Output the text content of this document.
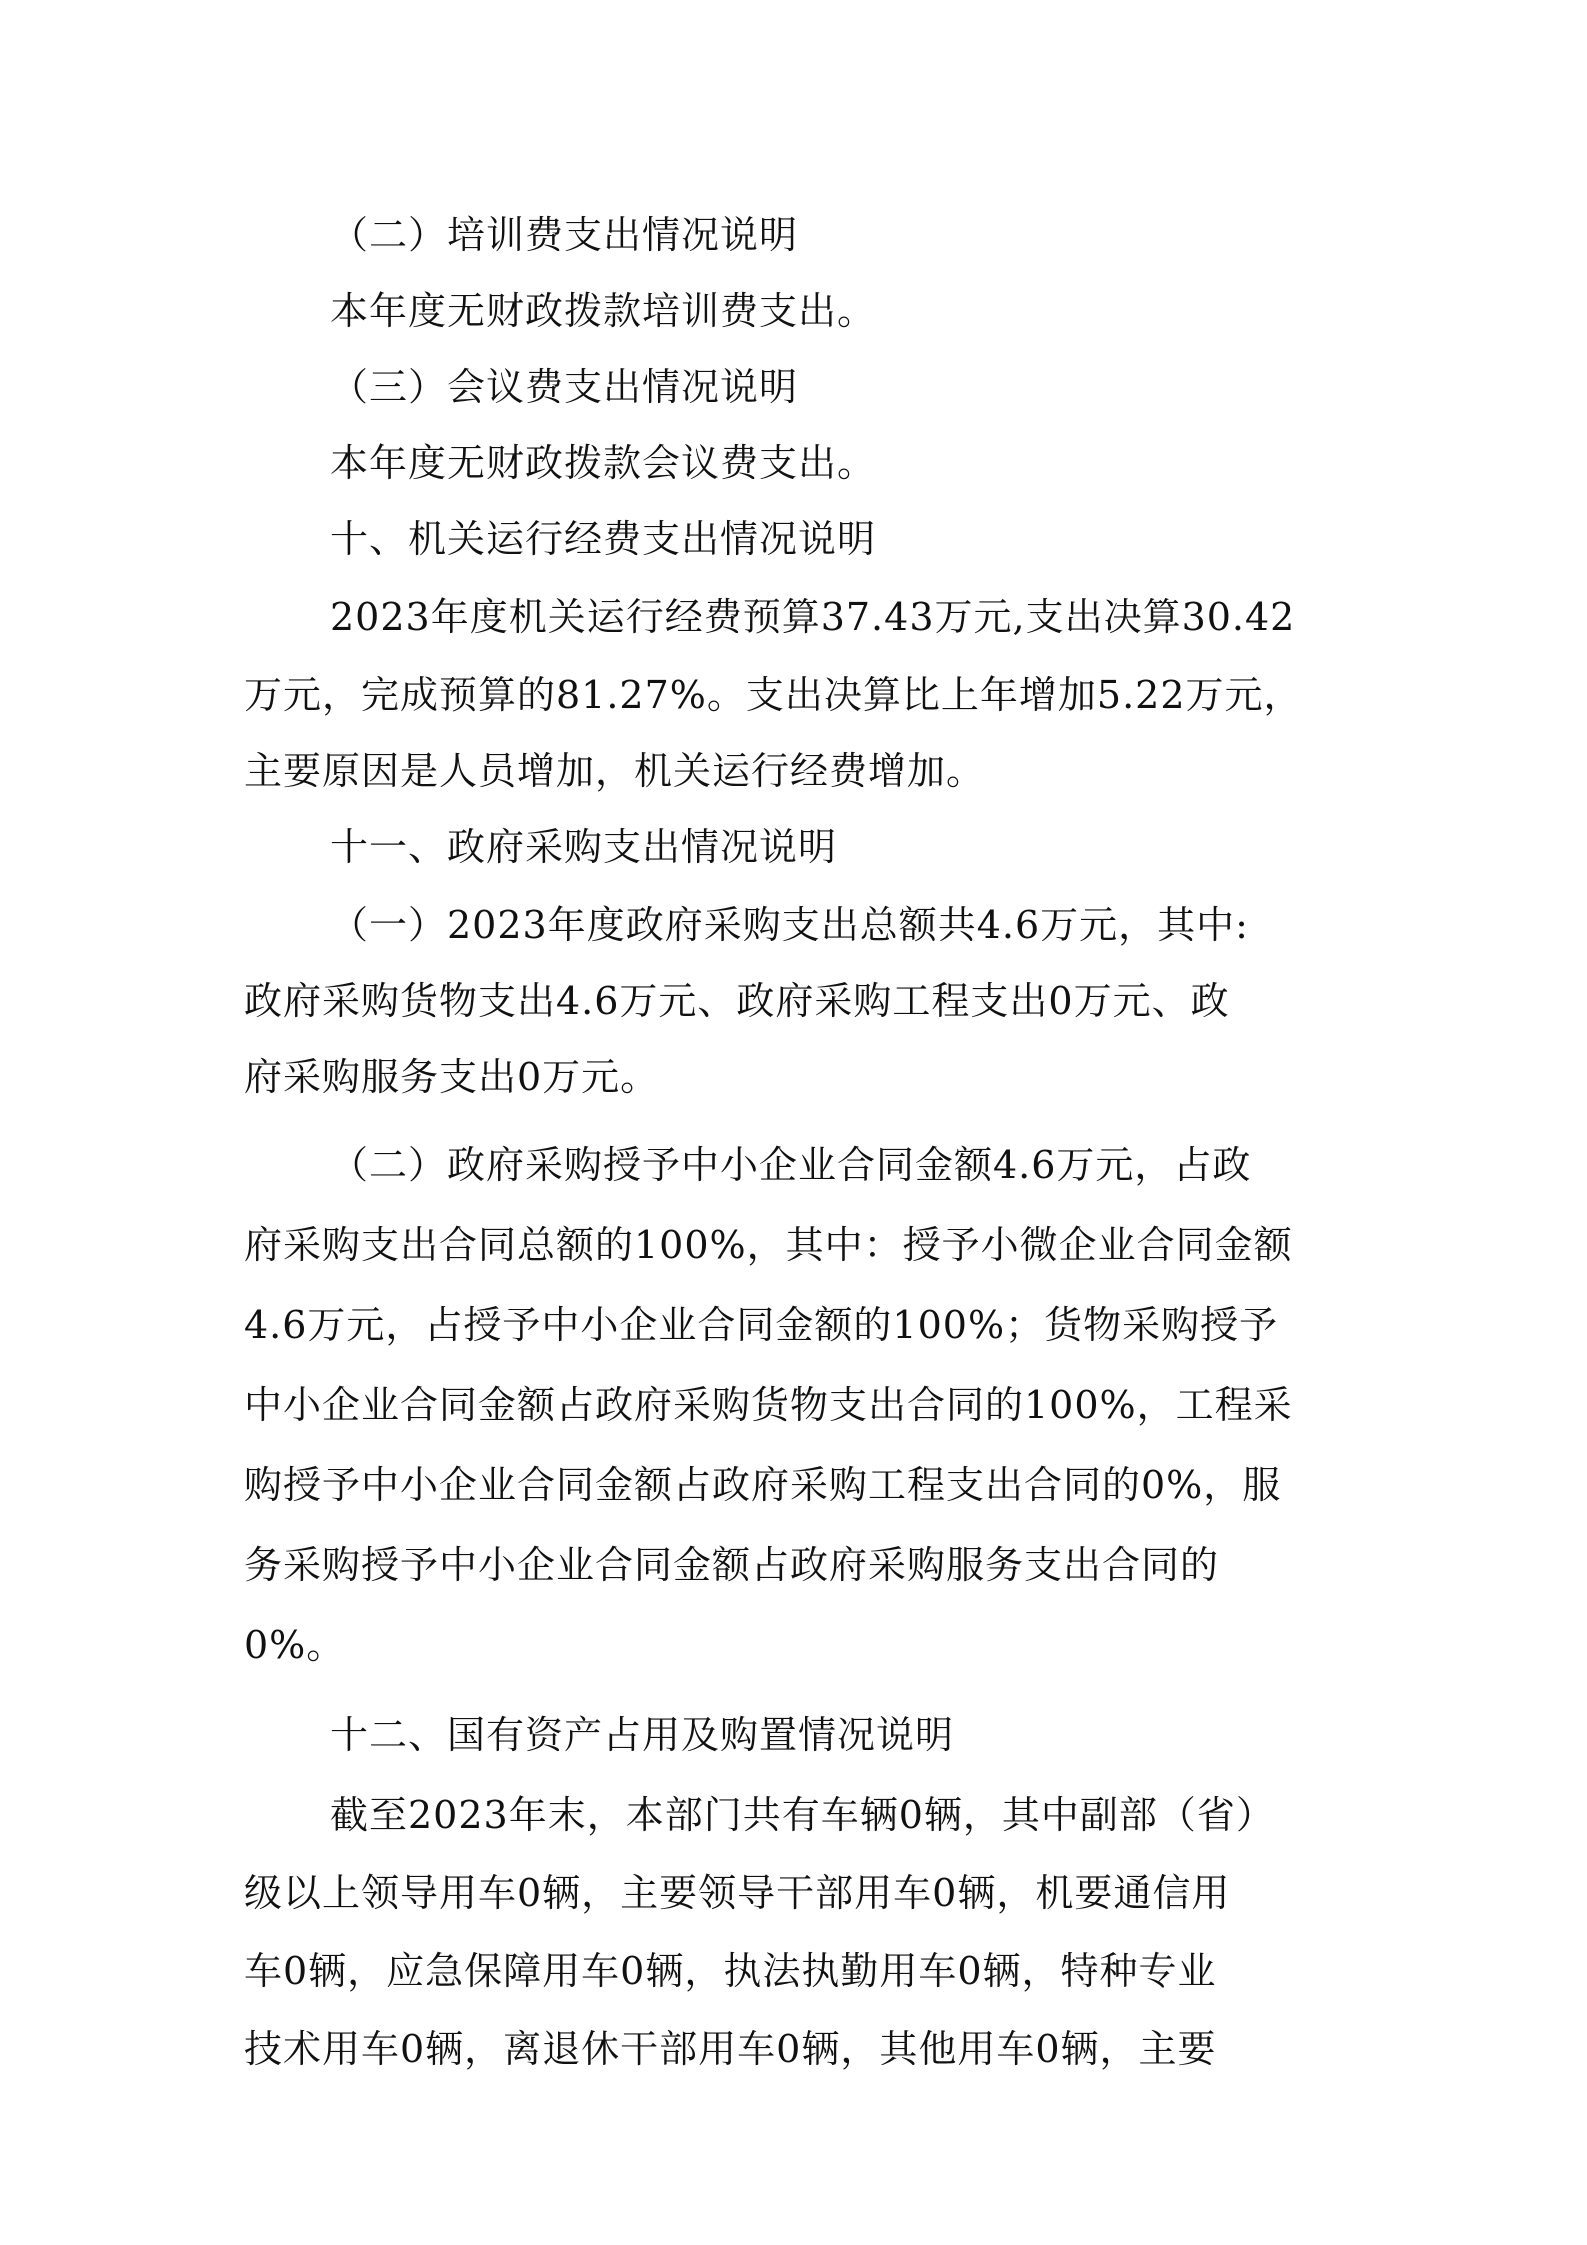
（二）培训费支出情况说明
本年度无财政拨款培训费支出。
（三）会议费支出情况说明
本年度无财政拨款会议费支出。
十、机关运行经费支出情况说明
2023年度机关运行经费预算37.43万元,支出决算30.42
万元，完成预算的81.27%。支出决算比上年增加5.22万元，
主要原因是人员增加，机关运行经费增加。
十一、政府采购支出情况说明
（一）2023年度政府采购支出总额共4.6万元，其中:
政府采购货物支出4.6万元、政府采购工程支出0万元、政
府采购服务支出0万元。
（二）政府采购授予中小企业合同金额4.6万元，占政
府采购支出合同总额的100%，其中：授予小微企业合同金额
4.6万元，占授予中小企业合同金额的100%；货物采购授予
中小企业合同金额占政府采购货物支出合同的100%，工程采
购授予中小企业合同金额占政府采购工程支出合同的0%，服
务采购授予中小企业合同金额占政府采购服务支出合同的
0%。
十二、国有资产占用及购置情况说明
截至2023年末，本部门共有车辆0辆，其中副部（省）
级以上领导用车0辆，主要领导干部用车0辆，机要通信用
车0辆，应急保障用车0辆，执法执勤用车0辆，特种专业
技术用车0辆，离退休干部用车0辆，其他用车0辆，主要
